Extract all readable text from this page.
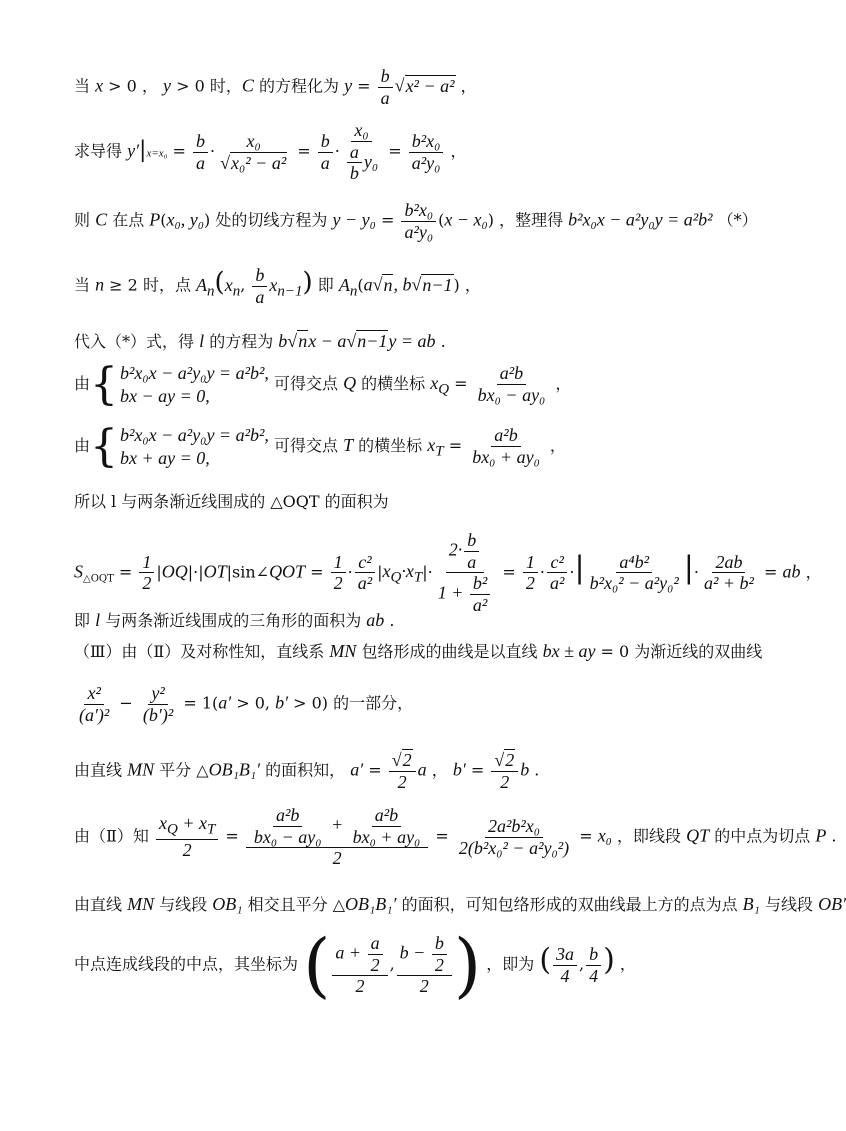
当 x > 0 ， y > 0 时，C 的方程化为 $y = \frac{b}{a} √x^2 - a^2$ ，
求导得 $y'|x=x_0 = \frac{b}{a} \cdot \frac{\text{x₀}}{\text{√x₀² − a²}} = \frac{b}{a} \cdot \frac{\text{x₀}}{\frac{a}{b} y_0} = \frac{\text{b²x₀}}{\text{a²y₀}}$ ，
则 C 在点 P(x₀, y₀) 处的切线方程为 $y - y_0 = \frac{\text{b²x₀}}{\text{a²y₀}} (x - x_0)$ ，整理得 b²x₀x − a²y₀y = a²b² （*）
当 n ≥ 2 时，点 $A_n(x_n$, $\frac{b}{a} x_{n-1}$) 即 $A_n(a√n$, b√n−1) ，
代入（*）式，得 l 的方程为 b√nx − a√n−1y = ab .
由 { b²x₀x − a²y₀y = a²b²,
bx − ay = 0,
可得交点 Q 的横坐标 $x_Q = \frac{\text{a²b}}{\text{bx₀ − ay₀}}$ ，
由 { b²x₀x − a²y₀y = a²b²,
bx + ay = 0,
可得交点 T 的横坐标 $x_T = \frac{\text{a²b}}{\text{bx₀ + ay₀}}$ ，
所以 l 与两条渐近线围成的 △OQT 的面积为
$S_{\triangle OQT} = \frac{1}{2}$ |OQ|·|OT|sin∠QOT = $\frac{1}{2} \cdot \frac{\text{c²}}{\text{a²}} |x_Q\cdot x_T|\cdot \frac{2\cdot \frac{b}{a}}{1 + \frac{\text{b²}}{\text{a²}}} = \frac{1}{2} \cdot \frac{\text{c²}}{\text{a²}}$ ·| $\frac{\text{a⁴b²}}{\text{b²x₀² − a²y₀²}}$ |· $\frac{2ab}{\text{a² + b²}}$ = ab ，
即 l 与两条渐近线围成的三角形的面积为 ab .
（Ⅲ）由（Ⅱ）及对称性知，直线系 MN 包络形成的曲线是以直线 bx ± ay = 0 为渐近线的双曲线
$\frac{\text{x²}}{\text{(a′)²}} - \frac{\text{y²}}{\text{(b′)²}} = 1(a' > 0$, b′ > 0) 的一部分，
由直线 MN 平分 △OB₁B₁′ 的面积知， $a' = \frac{√2}{2}$ a ， $b' = \frac{√2}{2}$ b .
由（Ⅱ）知 $\frac{x_Q + x_T}{2} = \frac{\frac{\text{a²b}}{\text{bx₀ − ay₀}} + \frac{\text{a²b}}{\text{bx₀ + ay₀}}}{2} = \frac{\text{2a²b²x₀}}{\text{2(b²x₀² − a²y₀²)}} = x_0$ ，即线段 QT 的中点为切点 P .
由直线 MN 与线段 OB₁ 相交且平分 △OB₁B₁′ 的面积，可知包络形成的双曲线最上方的点为点 B₁ 与线段 OB′
中点连成线段的中点，其坐标为 ( $\frac{a + \frac{a}{2}}{2}$ , $\frac{b - \frac{b}{2}}{2}$ ) ，即为 ( $\frac{3a}{4}$ , $\frac{b}{4}$ ) ，
